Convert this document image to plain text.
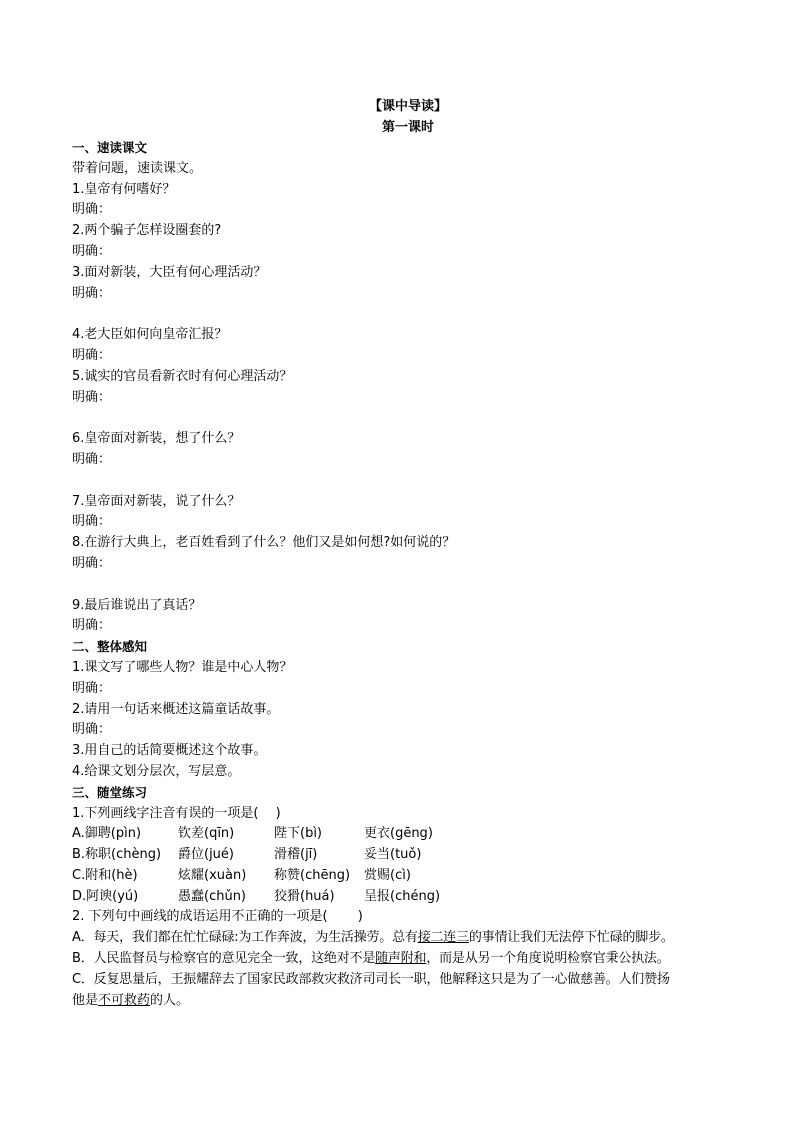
【课中导读】
第一课时
一、速读课文
带着问题，速读课文。
1.皇帝有何嗜好？
明确：
2.两个骗子怎样设圈套的?
明确：
3.面对新装，大臣有何心理活动？
明确：
4.老大臣如何向皇帝汇报？
明确：
5.诚实的官员看新衣时有何心理活动？
明确：
6.皇帝面对新装，想了什么？
明确：
7.皇帝面对新装，说了什么？
明确：
8.在游行大典上，老百姓看到了什么？他们又是如何想?如何说的？
明确：
9.最后谁说出了真话？
明确：
二、整体感知
1.课文写了哪些人物？谁是中心人物？
明确：
2.请用一句话来概述这篇童话故事。
明确：
3.用自己的话简要概述这个故事。
4.给课文划分层次，写层意。
三、随堂练习
1.下列画线字注音有误的一项是(　 )
A.御聘(pìn)	钦差(qīn)	陛下(bì)	更衣(gēng)
B.称职(chèng)	爵位(jué)	滑稽(jī)	妥当(tuǒ)
C.附和(hè)	炫耀(xuàn)	称赞(chēng)	赏赐(cì)
D.阿谀(yú)	愚蠢(chǔn)	狡猾(huá)	呈报(chéng)
2. 下列句中画线的成语运用不正确的一项是(　 　)
A．每天，我们都在忙忙碌碌:为工作奔波，为生活操劳。总有接二连三的事情让我们无法停下忙碌的脚步。
B．人民监督员与检察官的意见完全一致，这绝对不是随声附和，而是从另一个角度说明检察官秉公执法。
C．反复思量后，王振耀辞去了国家民政部救灾救济司司长一职，他解释这只是为了一心做慈善。人们赞扬
他是不可救药的人。
